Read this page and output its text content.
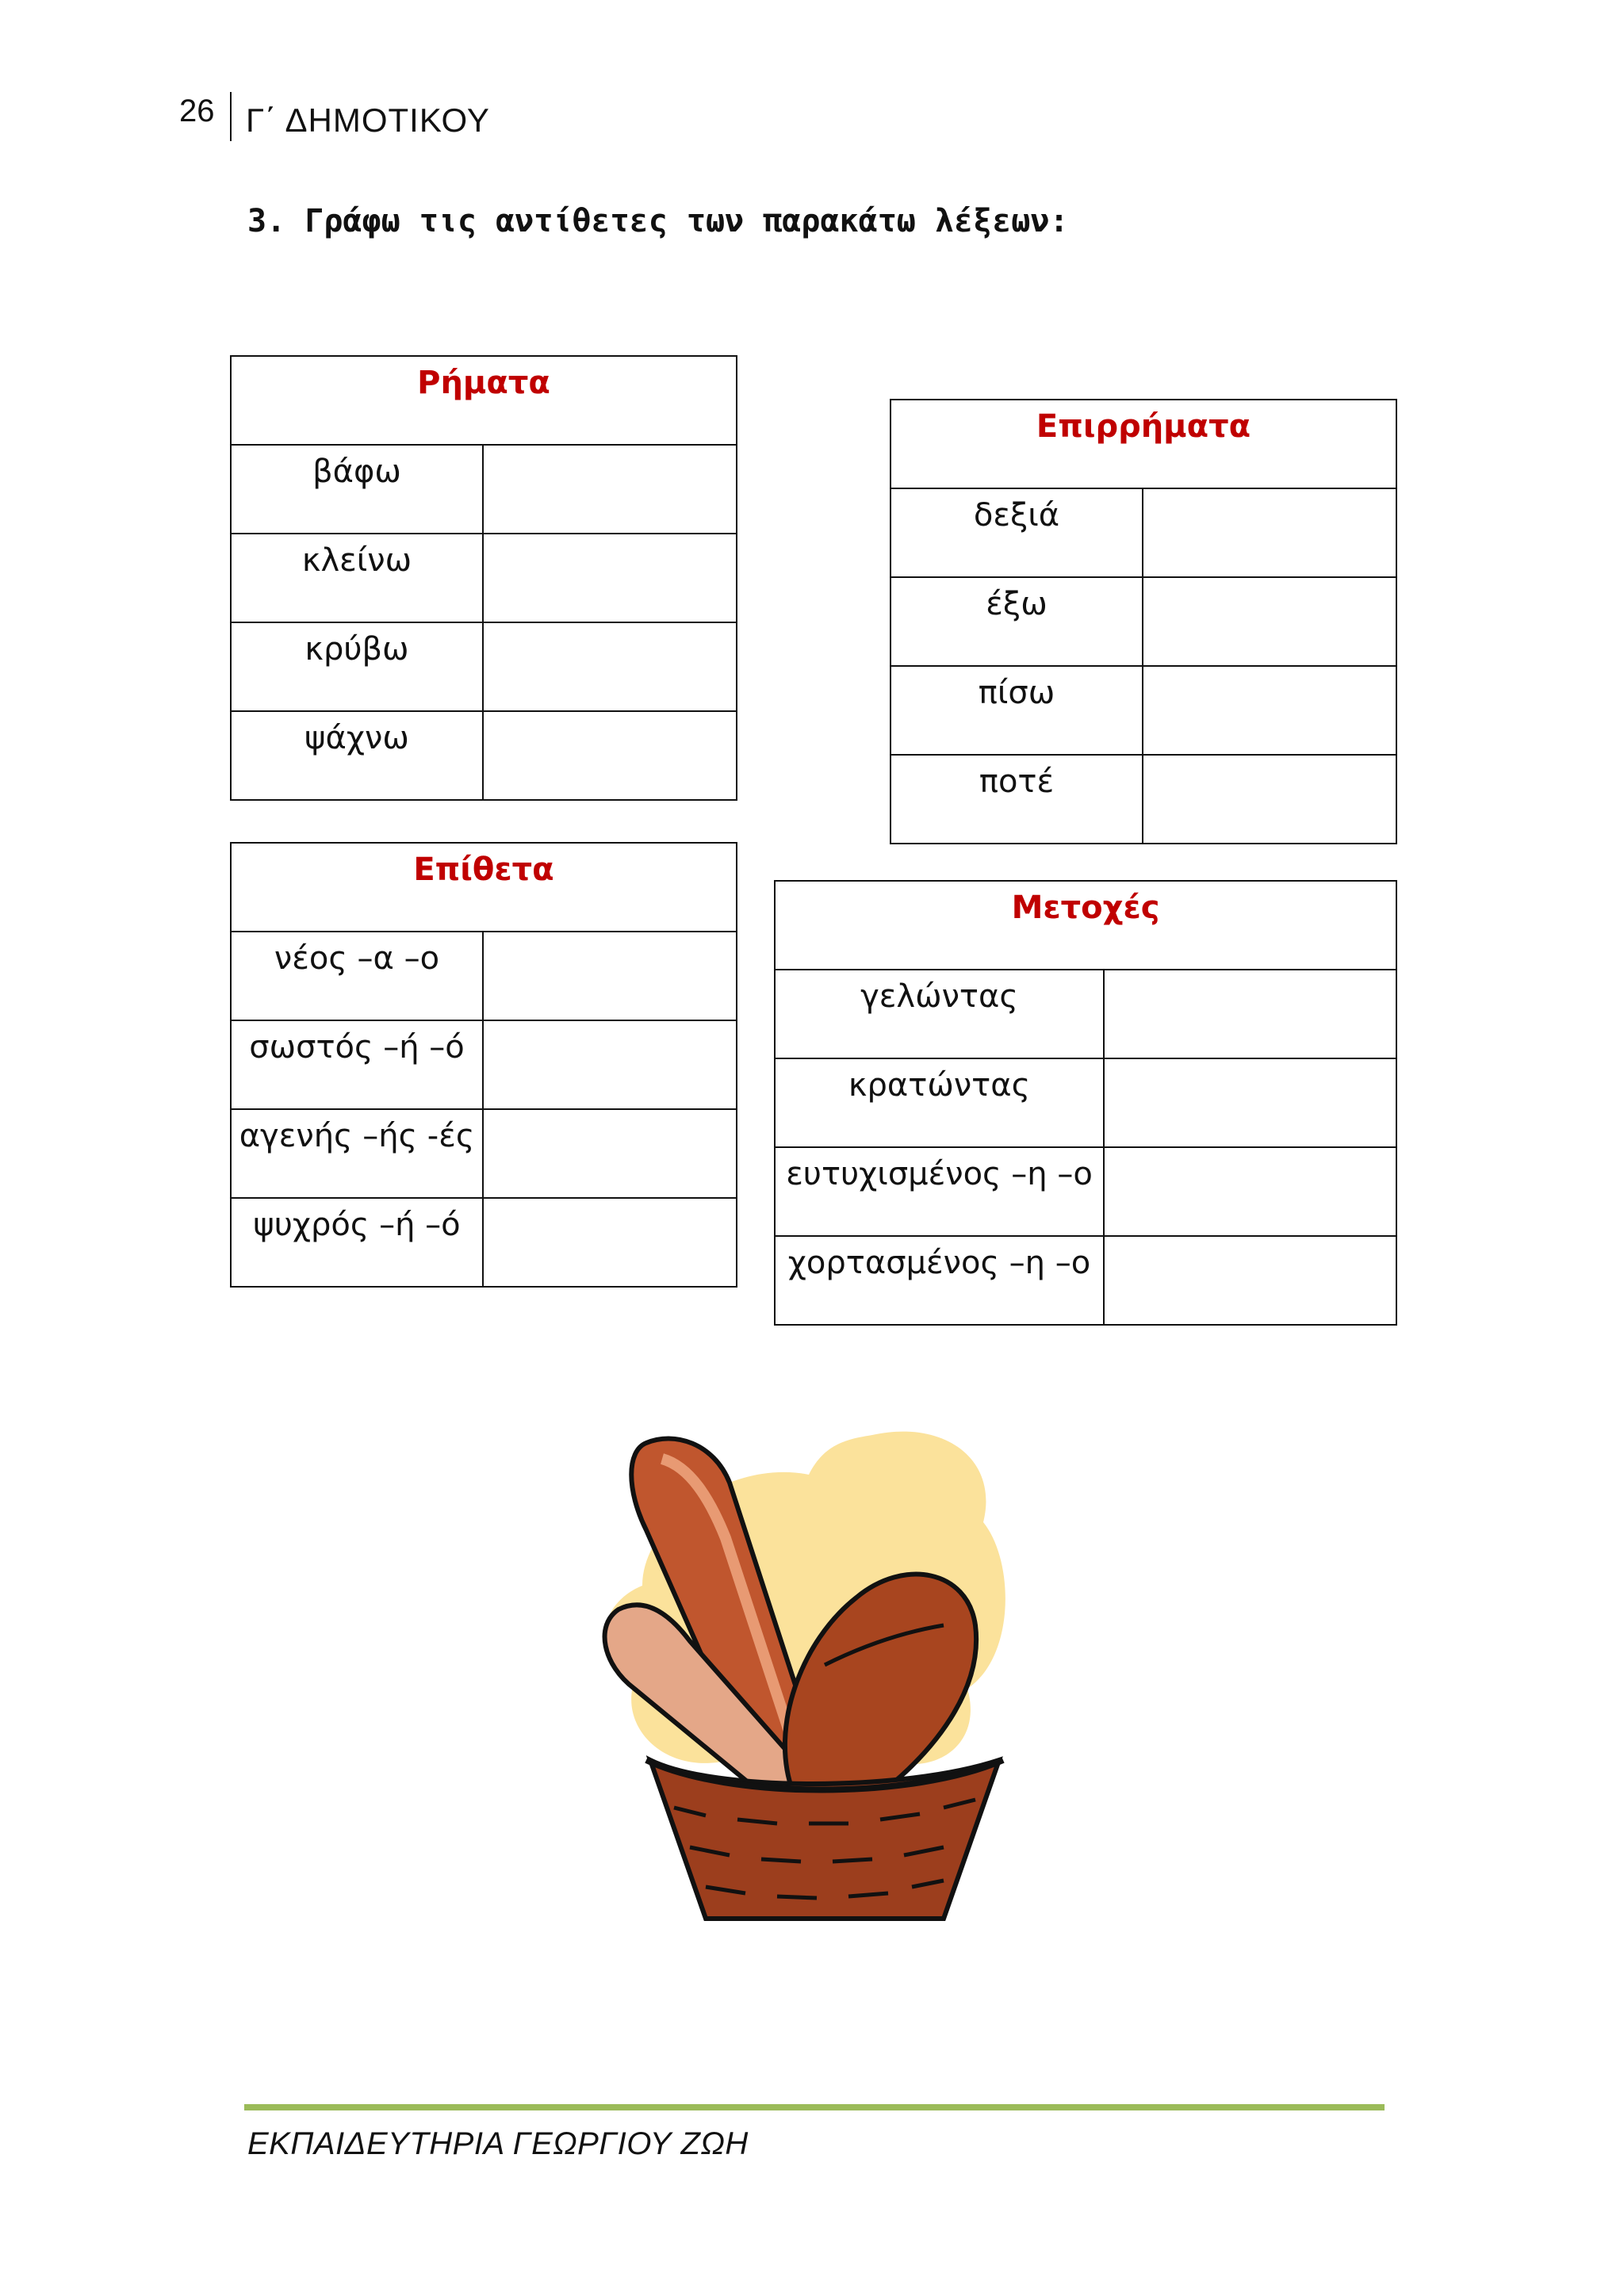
26 Γ΄ ΔΗΜΟΤΙΚΟΥ
3. Γράφω τις αντίθετες των παρακάτω λέξεων:
Ρήματα	
βάφω	
κλείνω	
κρύβω	
ψάχνω	
Επιρρήματα	
δεξιά	
έξω	
πίσω	
ποτέ	
Επίθετα	
νέος –α –ο	
σωστός –ή –ό	
αγενής –ής -ές	
ψυχρός –ή –ό	
Μετοχές	
γελώντας	
κρατώντας	
ευτυχισμένος –η –ο	
χορτασμένος –η –ο	
ΕΚΠΑΙΔΕΥΤΗΡΙΑ ΓΕΩΡΓΙΟΥ ΖΩΗ
